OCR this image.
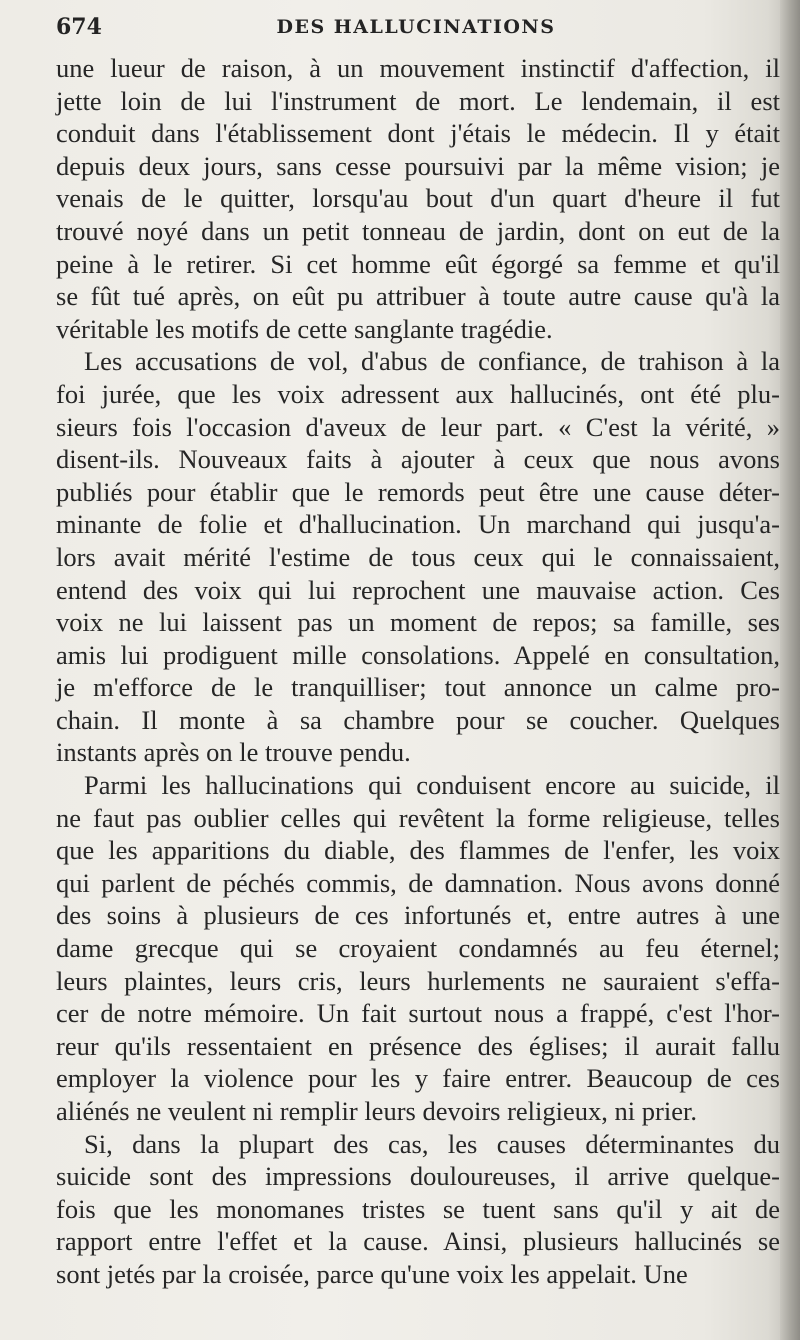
674	DES HALLUCINATIONS
une lueur de raison, à un mouvement instinctif d'affection, il
jette loin de lui l'instrument de mort. Le lendemain, il est
conduit dans l'établissement dont j'étais le médecin. Il y était
depuis deux jours, sans cesse poursuivi par la même vision; je
venais de le quitter, lorsqu'au bout d'un quart d'heure il fut
trouvé noyé dans un petit tonneau de jardin, dont on eut de la
peine à le retirer. Si cet homme eût égorgé sa femme et qu'il
se fût tué après, on eût pu attribuer à toute autre cause qu'à la
véritable les motifs de cette sanglante tragédie.
Les accusations de vol, d'abus de confiance, de trahison à la
foi jurée, que les voix adressent aux hallucinés, ont été plu-
sieurs fois l'occasion d'aveux de leur part. « C'est la vérité, »
disent-ils. Nouveaux faits à ajouter à ceux que nous avons
publiés pour établir que le remords peut être une cause déter-
minante de folie et d'hallucination. Un marchand qui jusqu'a-
lors avait mérité l'estime de tous ceux qui le connaissaient,
entend des voix qui lui reprochent une mauvaise action. Ces
voix ne lui laissent pas un moment de repos; sa famille, ses
amis lui prodiguent mille consolations. Appelé en consultation,
je m'efforce de le tranquilliser; tout annonce un calme pro-
chain. Il monte à sa chambre pour se coucher. Quelques
instants après on le trouve pendu.
Parmi les hallucinations qui conduisent encore au suicide, il
ne faut pas oublier celles qui revêtent la forme religieuse, telles
que les apparitions du diable, des flammes de l'enfer, les voix
qui parlent de péchés commis, de damnation. Nous avons donné
des soins à plusieurs de ces infortunés et, entre autres à une
dame grecque qui se croyaient condamnés au feu éternel;
leurs plaintes, leurs cris, leurs hurlements ne sauraient s'effa-
cer de notre mémoire. Un fait surtout nous a frappé, c'est l'hor-
reur qu'ils ressentaient en présence des églises; il aurait fallu
employer la violence pour les y faire entrer. Beaucoup de ces
aliénés ne veulent ni remplir leurs devoirs religieux, ni prier.
Si, dans la plupart des cas, les causes déterminantes du
suicide sont des impressions douloureuses, il arrive quelque-
fois que les monomanes tristes se tuent sans qu'il y ait de
rapport entre l'effet et la cause. Ainsi, plusieurs hallucinés se
sont jetés par la croisée, parce qu'une voix les appelait. Une
